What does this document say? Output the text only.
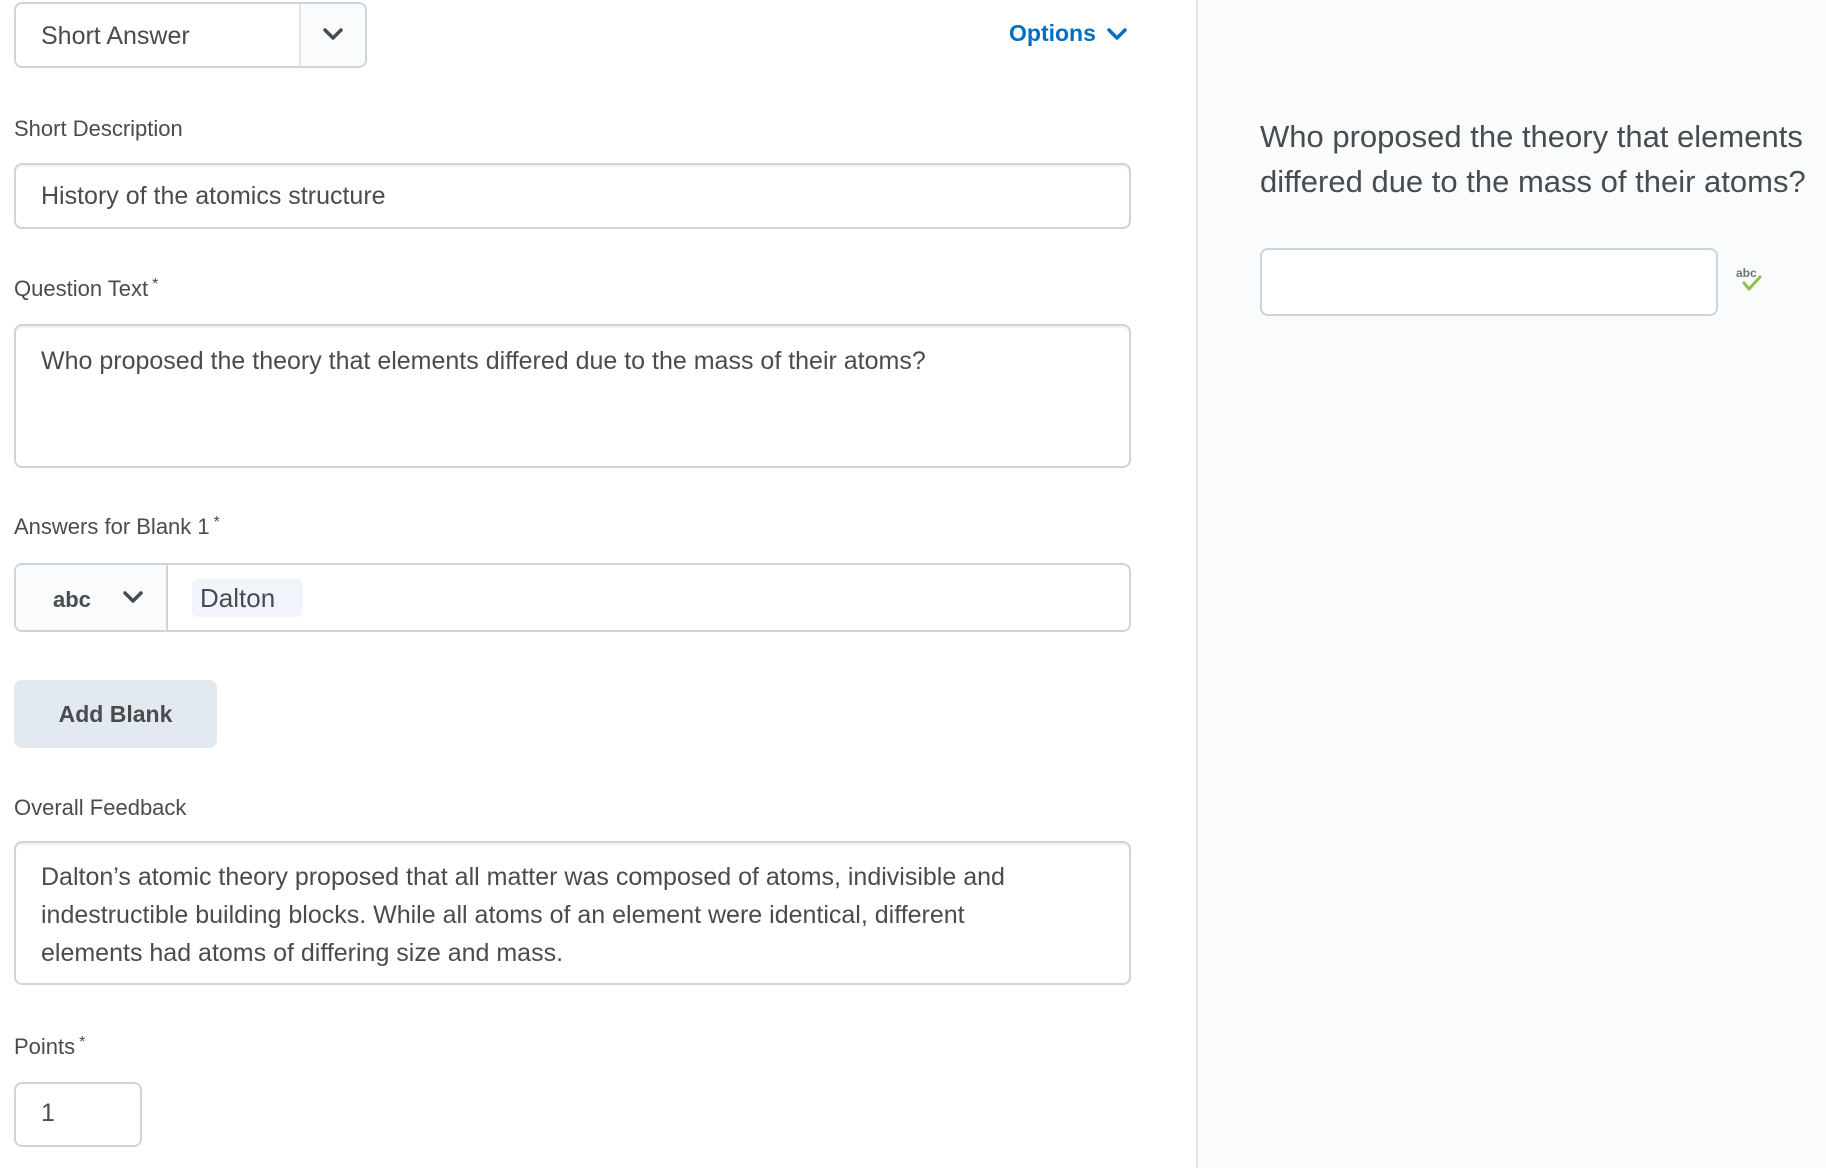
Short Answer	Options
Short Description
History of the atomics structure
Question Text *
Who proposed the theory that elements differed due to the mass of their atoms?
Answers for Blank 1 *
abc	Dalton
Add Blank
Overall Feedback
Dalton’s atomic theory proposed that all matter was composed of atoms, indivisible and
indestructible building blocks. While all atoms of an element were identical, different
elements had atoms of differing size and mass.
Points *
1
Who proposed the theory that elements
differed due to the mass of their atoms?
abc
